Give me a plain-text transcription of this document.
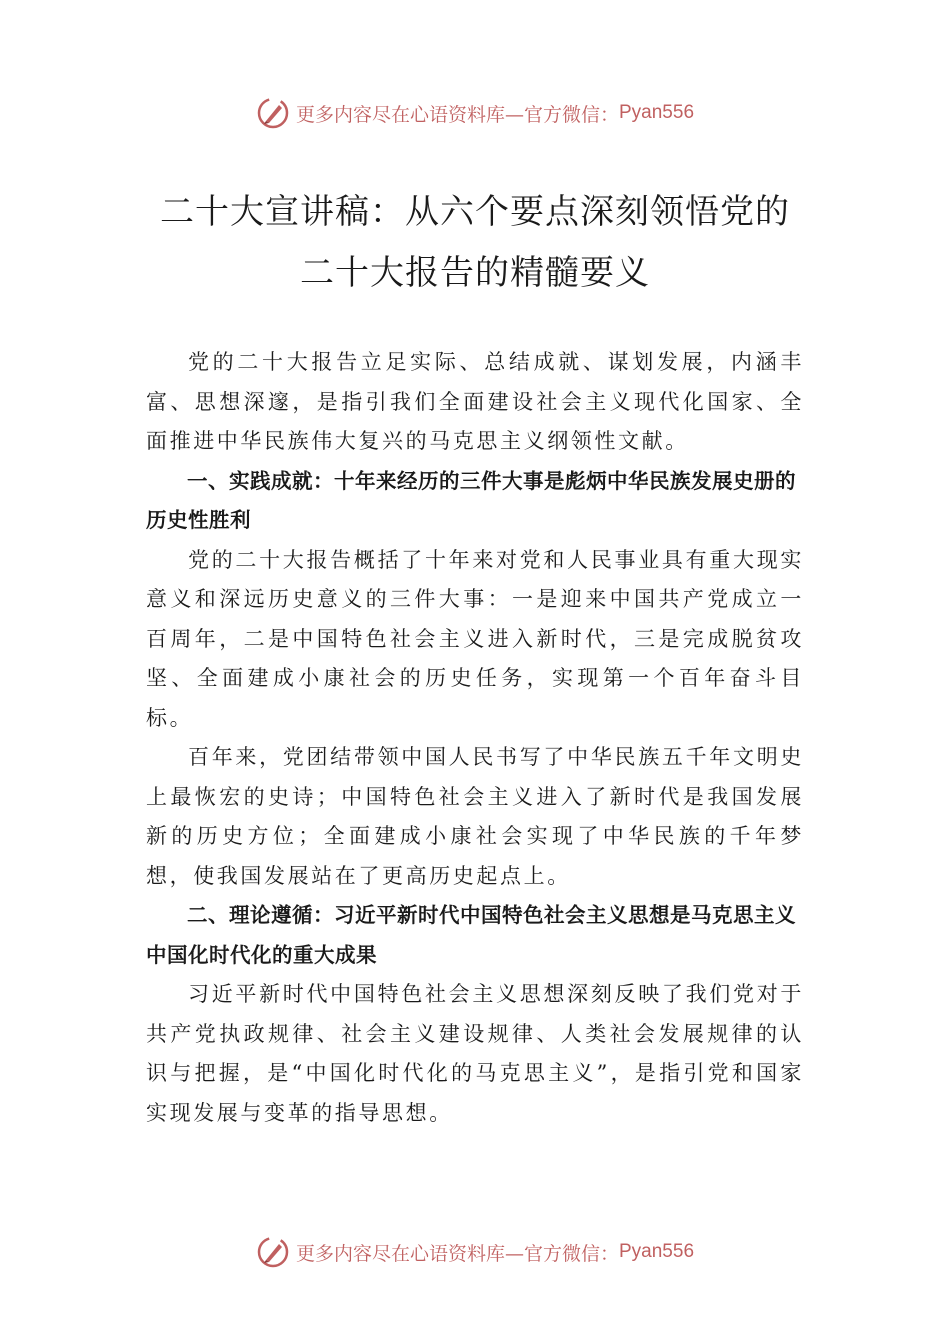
更多内容尽在心语资料库—官方微信： Pyan556
二十大宣讲稿：从六个要点深刻领悟党的
二十大报告的精髓要义

党的二十大报告立足实际、总结成就、谋划发展，内涵丰富、思想深邃，是指引我们全面建设社会主义现代化国家、全面推进中华民族伟大复兴的马克思主义纲领性文献。

一、实践成就：十年来经历的三件大事是彪炳中华民族发展史册的历史性胜利

党的二十大报告概括了十年来对党和人民事业具有重大现实意义和深远历史意义的三件大事：一是迎来中国共产党成立一百周年，二是中国特色社会主义进入新时代，三是完成脱贫攻坚、全面建成小康社会的历史任务，实现第一个百年奋斗目标。

百年来，党团结带领中国人民书写了中华民族五千年文明史上最恢宏的史诗；中国特色社会主义进入了新时代是我国发展新的历史方位；全面建成小康社会实现了中华民族的千年梦想，使我国发展站在了更高历史起点上。

二、理论遵循：习近平新时代中国特色社会主义思想是马克思主义中国化时代化的重大成果

习近平新时代中国特色社会主义思想深刻反映了我们党对于共产党执政规律、社会主义建设规律、人类社会发展规律的认识与把握，是“中国化时代化的马克思主义”，是指引党和国家实现发展与变革的指导思想。

更多内容尽在心语资料库—官方微信： Pyan556
